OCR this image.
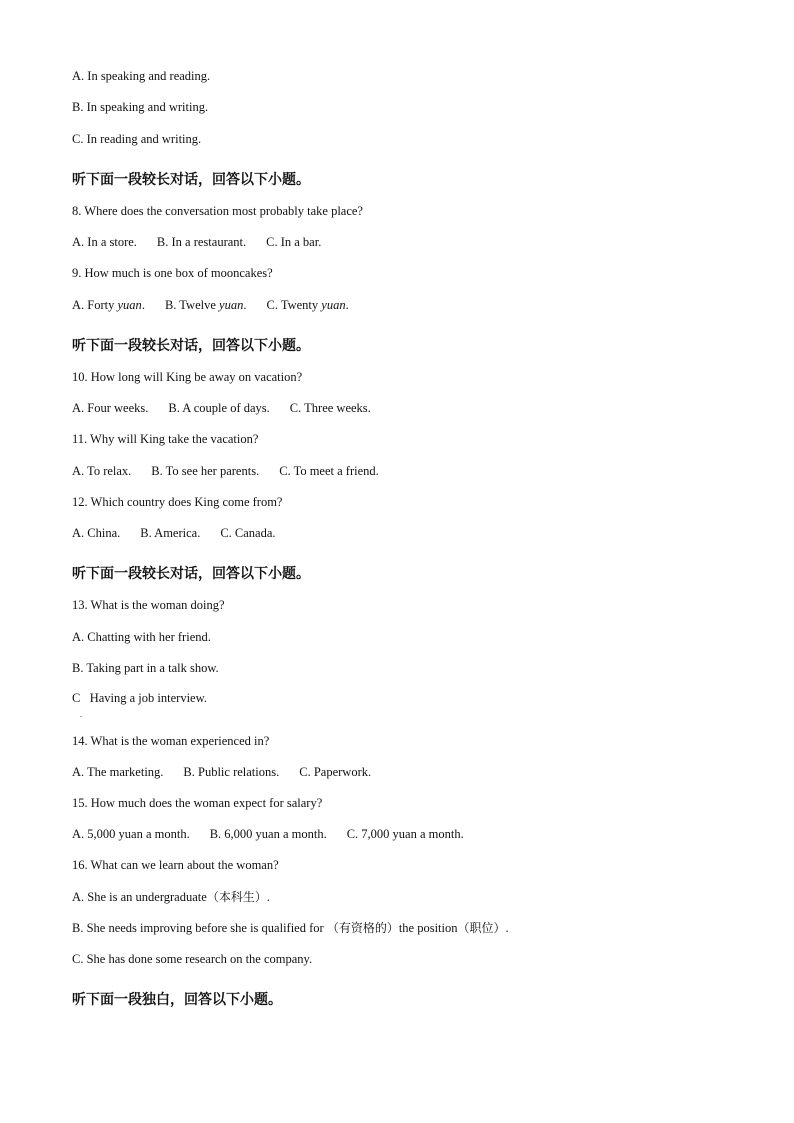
A. In speaking and reading.
B. In speaking and writing.
C. In reading and writing.
听下面一段较长对话，回答以下小题。
8. Where does the conversation most probably take place?
A. In a store. B. In a restaurant. C. In a bar.
9. How much is one box of mooncakes?
A. Forty yuan. B. Twelve yuan. C. Twenty yuan.
听下面一段较长对话，回答以下小题。
10. How long will King be away on vacation?
A. Four weeks. B. A couple of days. C. Three weeks.
11. Why will King take the vacation?
A. To relax. B. To see her parents. C. To meet a friend.
12. Which country does King come from?
A. China. B. America. C. Canada.
听下面一段较长对话，回答以下小题。
13. What is the woman doing?
A. Chatting with her friend.
B. Taking part in a talk show.
C   Having a job interview.
.
14. What is the woman experienced in?
A. The marketing. B. Public relations. C. Paperwork.
15. How much does the woman expect for salary?
A. 5,000 yuan a month. B. 6,000 yuan a month. C. 7,000 yuan a month.
16. What can we learn about the woman?
A. She is an undergraduate（本科生）.
B. She needs improving before she is qualified for （有资格的）the position（职位）.
C. She has done some research on the company.
听下面一段独白，回答以下小题。
